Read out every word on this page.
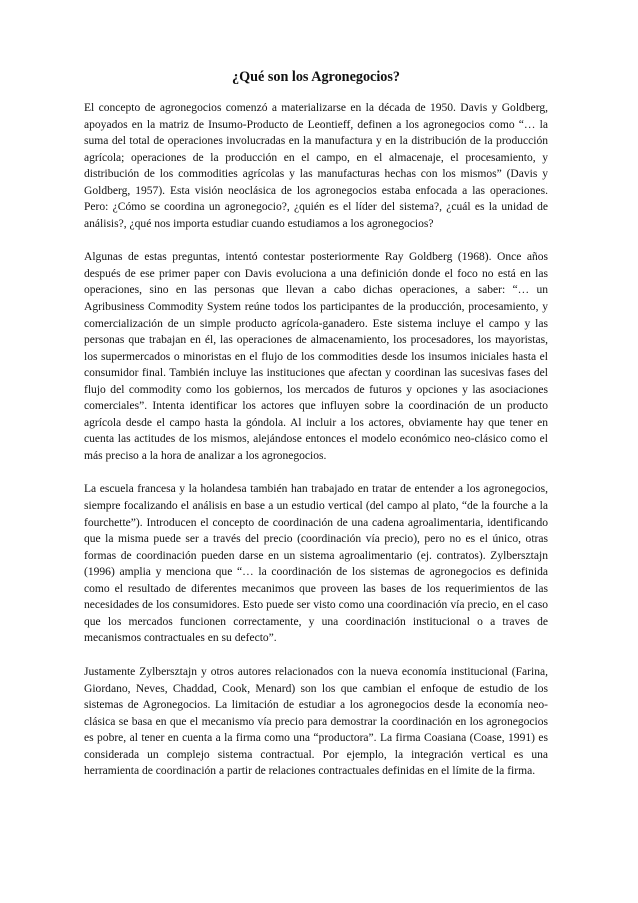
¿Qué son los Agronegocios?

El concepto de agronegocios comenzó a materializarse en la década de 1950. Davis y Goldberg, apoyados en la matriz de Insumo-Producto de Leontieff, definen a los agronegocios como “… la suma del total de operaciones involucradas en la manufactura y en la distribución de la producción agrícola; operaciones de la producción en el campo, en el almacenaje, el procesamiento, y distribución de los commodities agrícolas y las manufacturas hechas con los mismos” (Davis y Goldberg, 1957). Esta visión neoclásica de los agronegocios estaba enfocada a las operaciones. Pero: ¿Cómo se coordina un agronegocio?, ¿quién es el líder del sistema?, ¿cuál es la unidad de análisis?, ¿qué nos importa estudiar cuando estudiamos a los agronegocios?

Algunas de estas preguntas, intentó contestar posteriormente Ray Goldberg (1968). Once años después de ese primer paper con Davis evoluciona a una definición donde el foco no está en las operaciones, sino en las personas que llevan a cabo dichas operaciones, a saber: “… un Agribusiness Commodity System reúne todos los participantes de la producción, procesamiento, y comercialización de un simple producto agrícola-ganadero. Este sistema incluye el campo y las personas que trabajan en él, las operaciones de almacenamiento, los procesadores, los mayoristas, los supermercados o minoristas en el flujo de los commodities desde los insumos iniciales hasta el consumidor final. También incluye las instituciones que afectan y coordinan las sucesivas fases del flujo del commodity como los gobiernos, los mercados de futuros y opciones y las asociaciones comerciales”. Intenta identificar los actores que influyen sobre la coordinación de un producto agrícola desde el campo hasta la góndola. Al incluir a los actores, obviamente hay que tener en cuenta las actitudes de los mismos, alejándose entonces el modelo económico neo-clásico como el más preciso a la hora de analizar a los agronegocios.

La escuela francesa y la holandesa también han trabajado en tratar de entender a los agronegocios, siempre focalizando el análisis en base a un estudio vertical (del campo al plato, “de la fourche a la fourchette”). Introducen el concepto de coordinación de una cadena agroalimentaria, identificando que la misma puede ser a través del precio (coordinación vía precio), pero no es el único, otras formas de coordinación pueden darse en un sistema agroalimentario (ej. contratos). Zylbersztajn (1996) amplia y menciona que “… la coordinación de los sistemas de agronegocios es definida como el resultado de diferentes mecanimos que proveen las bases de los requerimientos de las necesidades de los consumidores. Esto puede ser visto como una coordinación vía precio, en el caso que los mercados funcionen correctamente, y una coordinación institucional o a traves de mecanismos contractuales en su defecto”.

Justamente Zylbersztajn y otros autores relacionados con la nueva economía institucional (Farina, Giordano, Neves, Chaddad, Cook, Menard) son los que cambian el enfoque de estudio de los sistemas de Agronegocios. La limitación de estudiar a los agronegocios desde la economía neo-clásica se basa en que el mecanismo vía precio para demostrar la coordinación en los agronegocios es pobre, al tener en cuenta a la firma como una “productora”. La firma Coasiana (Coase, 1991) es considerada un complejo sistema contractual. Por ejemplo, la integración vertical es una herramienta de coordinación a partir de relaciones contractuales definidas en el límite de la firma.
